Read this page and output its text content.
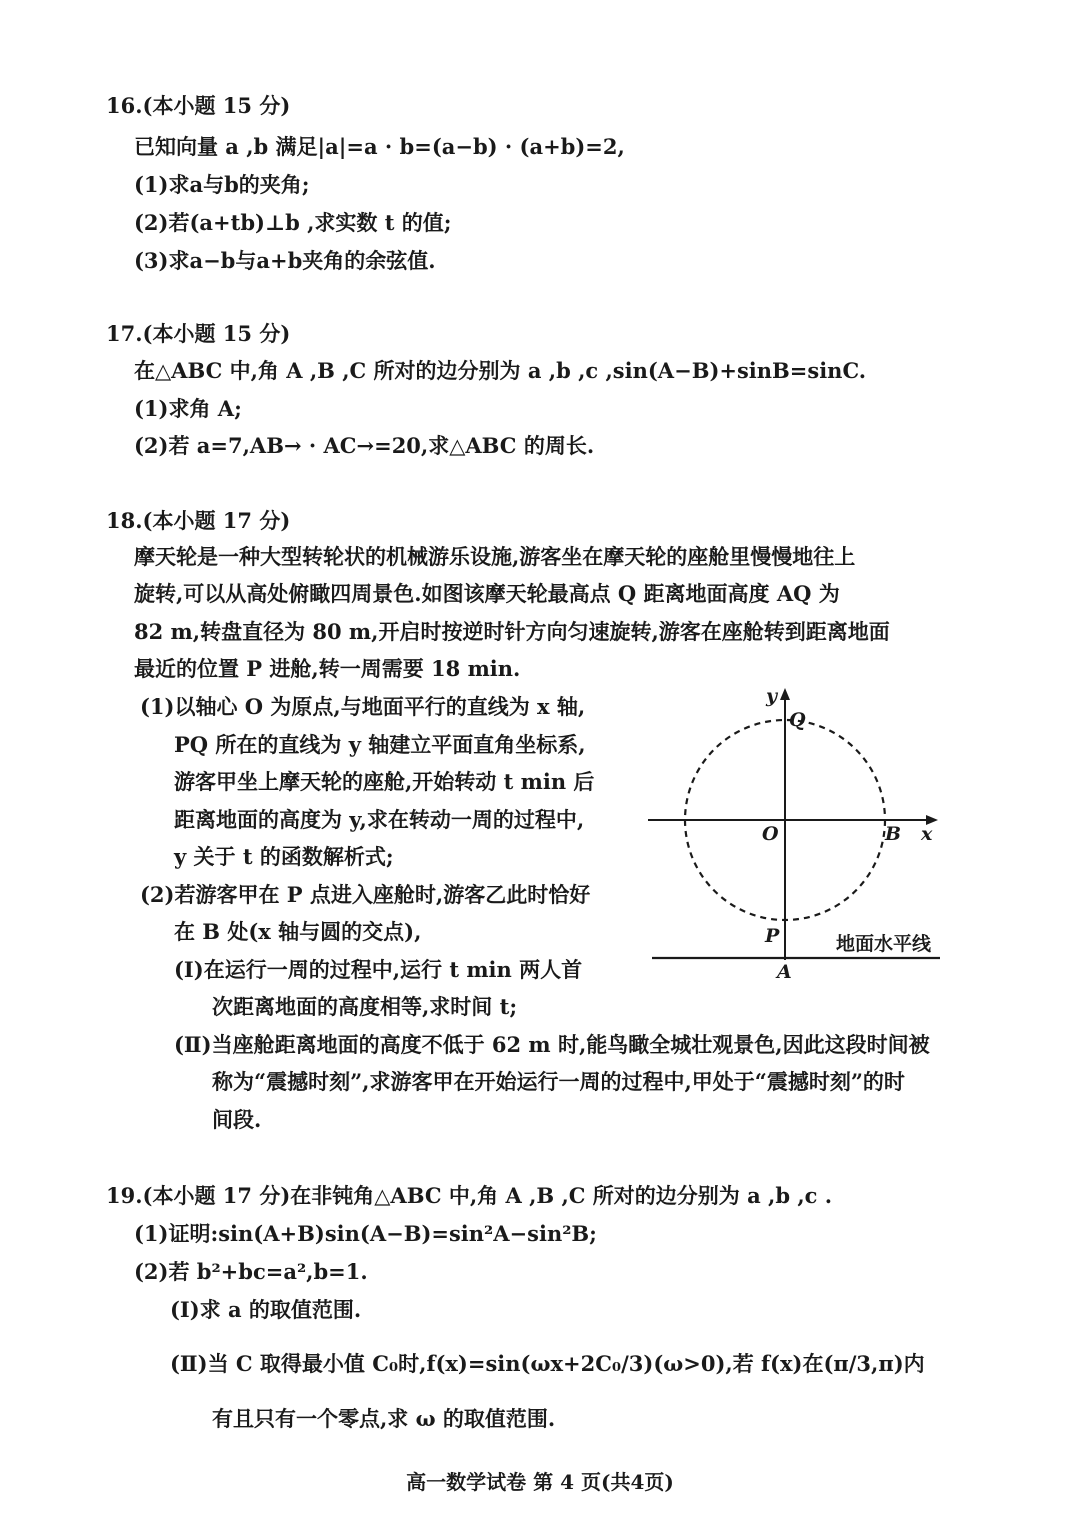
16.(本小题 15 分)
已知向量 a ,b 满足|a|=a · b=(a−b) · (a+b)=2,
(1)求a与b的夹角;
(2)若(a+tb)⊥b ,求实数 t 的值;
(3)求a−b与a+b夹角的余弦值.
17.(本小题 15 分)
在△ABC 中,角 A ,B ,C 所对的边分别为 a ,b ,c ,sin(A−B)+sinB=sinC.
(1)求角 A;
(2)若 a=7,AB→ · AC→=20,求△ABC 的周长.
18.(本小题 17 分)
摩天轮是一种大型转轮状的机械游乐设施,游客坐在摩天轮的座舱里慢慢地往上
旋转,可以从高处俯瞰四周景色.如图该摩天轮最高点 Q 距离地面高度 AQ 为
82 m,转盘直径为 80 m,开启时按逆时针方向匀速旋转,游客在座舱转到距离地面
最近的位置 P 进舱,转一周需要 18 min.
(1)以轴心 O 为原点,与地面平行的直线为 x 轴,
PQ 所在的直线为 y 轴建立平面直角坐标系,
游客甲坐上摩天轮的座舱,开始转动 t min 后
距离地面的高度为 y,求在转动一周的过程中,
y 关于 t 的函数解析式;
(2)若游客甲在 P 点进入座舱时,游客乙此时恰好
在 B 处(x 轴与圆的交点),
(Ⅰ)在运行一周的过程中,运行 t min 两人首
次距离地面的高度相等,求时间 t;
(Ⅱ)当座舱距离地面的高度不低于 62 m 时,能鸟瞰全城壮观景色,因此这段时间被
称为“震撼时刻”,求游客甲在开始运行一周的过程中,甲处于“震撼时刻”的时
间段.
y
Q
O	B x
P
A
地面水平线
19.(本小题 17 分)在非钝角△ABC 中,角 A ,B ,C 所对的边分别为 a ,b ,c .
(1)证明:sin(A+B)sin(A−B)=sin²A−sin²B;
(2)若 b²+bc=a²,b=1.
(Ⅰ)求 a 的取值范围.
(Ⅱ)当 C 取得最小值 C₀时,f(x)=sin(ωx+2C₀/3)(ω>0),若 f(x)在(π/3,π)内
有且只有一个零点,求 ω 的取值范围.
高一数学试卷 第 4 页(共4页)
